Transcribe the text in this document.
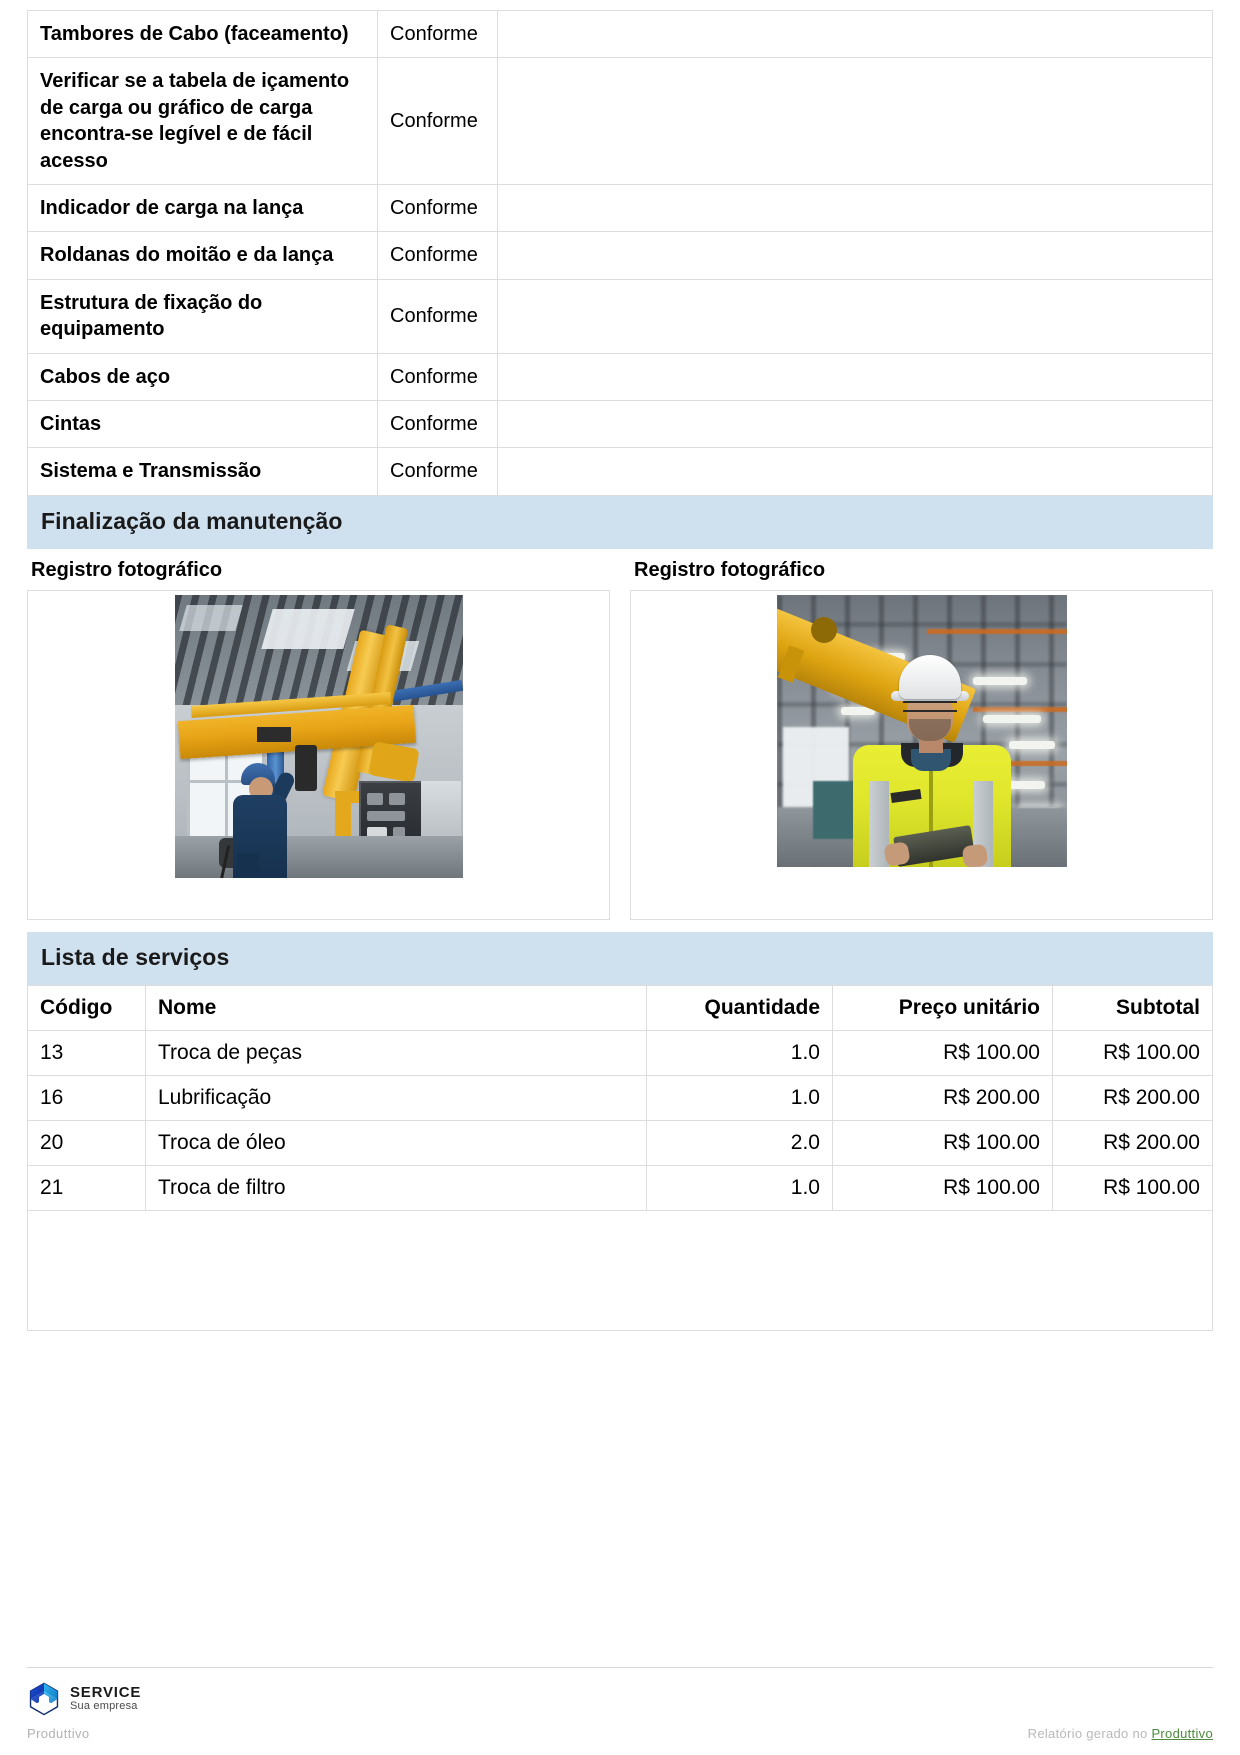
Tambores de Cabo (faceamento)	Conforme	
Verificar se a tabela de içamento de carga ou gráfico de carga encontra-se legível e de fácil acesso	Conforme	
Indicador de carga na lança	Conforme	
Roldanas do moitão e da lança	Conforme	
Estrutura de fixação do equipamento	Conforme	
Cabos de aço	Conforme	
Cintas	Conforme	
Sistema e Transmissão	Conforme	
Finalização da manutenção
Registro fotográfico	Registro fotográfico
Lista de serviços
Código	Nome	Quantidade	Preço unitário	Subtotal
13	Troca de peças	1.0	R$ 100.00	R$ 100.00
16	Lubrificação	1.0	R$ 200.00	R$ 200.00
20	Troca de óleo	2.0	R$ 100.00	R$ 200.00
21	Troca de filtro	1.0	R$ 100.00	R$ 100.00
SERVICE
Sua empresa
Produttivo	Relatório gerado no Produttivo
